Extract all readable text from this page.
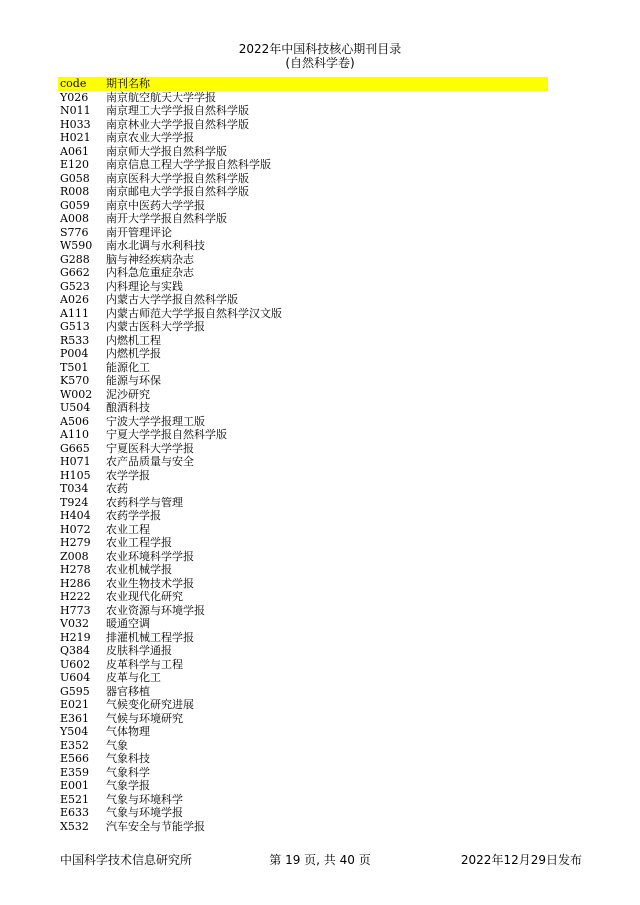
2022年中国科技核心期刊目录
(自然科学卷)
code	期刊名称
Y026	南京航空航天大学学报
N011	南京理工大学学报自然科学版
H033	南京林业大学学报自然科学版
H021	南京农业大学学报
A061	南京师大学报自然科学版
E120	南京信息工程大学学报自然科学版
G058	南京医科大学学报自然科学版
R008	南京邮电大学学报自然科学版
G059	南京中医药大学学报
A008	南开大学学报自然科学版
S776	南开管理评论
W590	南水北调与水利科技
G288	脑与神经疾病杂志
G662	内科急危重症杂志
G523	内科理论与实践
A026	内蒙古大学学报自然科学版
A111	内蒙古师范大学学报自然科学汉文版
G513	内蒙古医科大学学报
R533	内燃机工程
P004	内燃机学报
T501	能源化工
K570	能源与环保
W002	泥沙研究
U504	酿酒科技
A506	宁波大学学报理工版
A110	宁夏大学学报自然科学版
G665	宁夏医科大学学报
H071	农产品质量与安全
H105	农学学报
T034	农药
T924	农药科学与管理
H404	农药学学报
H072	农业工程
H279	农业工程学报
Z008	农业环境科学学报
H278	农业机械学报
H286	农业生物技术学报
H222	农业现代化研究
H773	农业资源与环境学报
V032	暖通空调
H219	排灌机械工程学报
Q384	皮肤科学通报
U602	皮革科学与工程
U604	皮革与化工
G595	器官移植
E021	气候变化研究进展
E361	气候与环境研究
Y504	气体物理
E352	气象
E566	气象科技
E359	气象科学
E001	气象学报
E521	气象与环境科学
E633	气象与环境学报
X532	汽车安全与节能学报
中国科学技术信息研究所	第 19 页, 共 40 页	2022年12月29日发布
